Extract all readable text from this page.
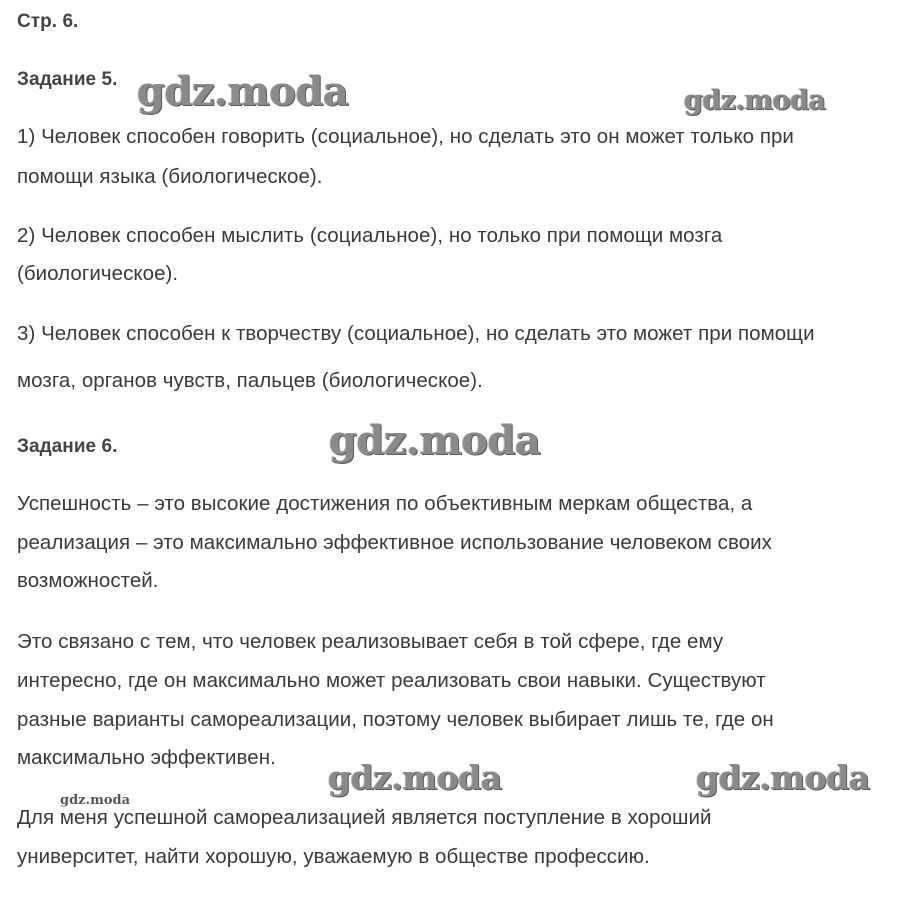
Стр. 6.
Задание 5.
1) Человек способен говорить (социальное), но сделать это он может только при
помощи языка (биологическое).
2) Человек способен мыслить (социальное), но только при помощи мозга
(биологическое).
3) Человек способен к творчеству (социальное), но сделать это может при помощи
мозга, органов чувств, пальцев (биологическое).
Задание 6.
Успешность – это высокие достижения по объективным меркам общества, а
реализация – это максимально эффективное использование человеком своих
возможностей.
Это связано с тем, что человек реализовывает себя в той сфере, где ему
интересно, где он максимально может реализовать свои навыки. Существуют
разные варианты самореализации, поэтому человек выбирает лишь те, где он
максимально эффективен.
Для меня успешной самореализацией является поступление в хороший
университет, найти хорошую, уважаемую в обществе профессию.
gdz.moda	gdz.moda
gdz.moda
gdz.moda	gdz.moda
gdz.moda
